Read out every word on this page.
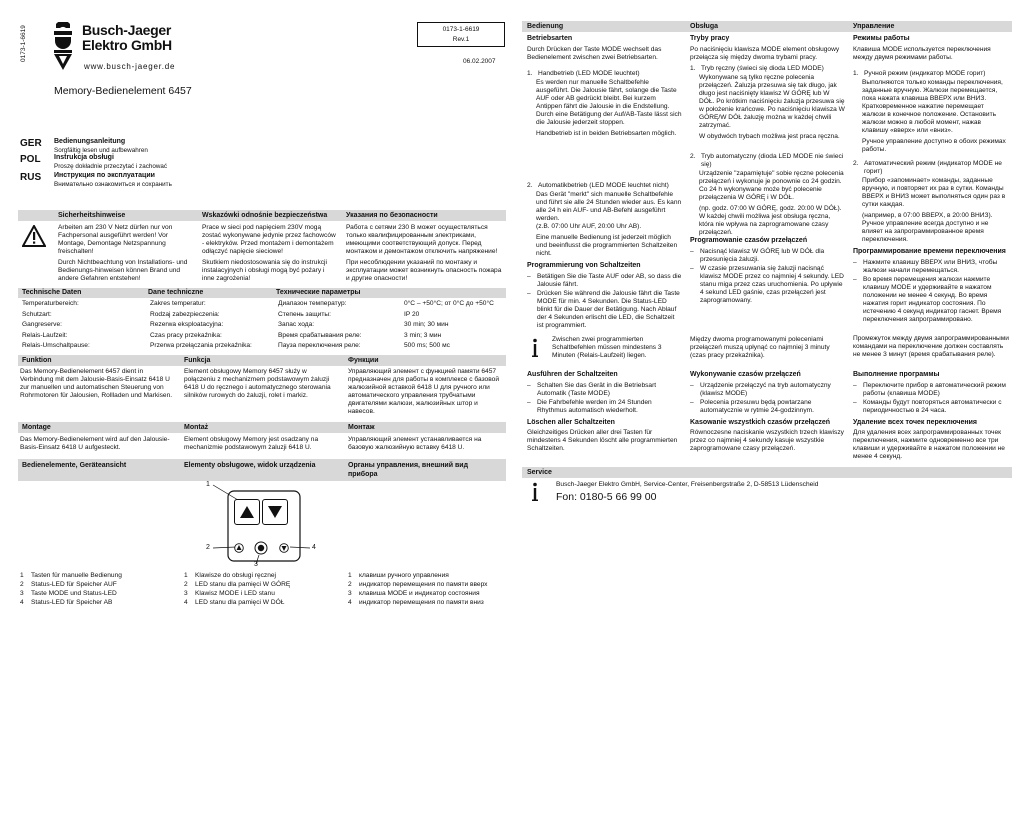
0173-1-6619	Busch-Jaeger
Elektro GmbH
www.busch-jaeger.de
0173-1-6619
Rev.1
06.02.2007
Memory-Bedienelement 6457
GER	Bedienungsanleitung
Sorgfältig lesen und aufbewahren
POL	Instrukcja obsługi
Proszę dokładnie przeczytać i zachować
RUS	Инструкция по эксплуатации
Внимательно ознакомиться и сохранить
Sicherheitshinweise	Wskazówki odnośnie bezpieczeństwa	Указания по безопасности
Arbeiten am 230 V Netz dürfen nur von Fachpersonal ausgeführt werden! Vor Montage, Demontage Netzspannung freischalten!
Durch Nichtbeachtung von Installations- und Bedienungs-hinweisen können Brand und andere Gefahren entstehen!
Prace w sieci pod napięciem 230V mogą zostać wykonywane jedynie przez fachowców - elektryków. Przed montażem i demontażem odłączyć napięcie sieciowe!
Skutkiem niedostosowania się do instrukcji instalacyjnych i obsługi mogą być pożary i inne zagrożenia!
Работа с сетями 230 В может осуществляться только квалифицированным электриками, имеющими соответствующий допуск. Перед монтажом и демонтажом отключить напряжение!
При несоблюдении указаний по монтажу и эксплуатации может возникнуть опасность пожара и другие опасности!
Technische Daten	Dane techniczne	Технические параметры
Temperaturbereich:	Zakres temperatur:	Диапазон температур:	0°C – +50°C; от 0°C до +50°C
Schutzart:	Rodzaj zabezpieczenia:	Степень защиты:	IP 20
Gangreserve:	Rezerwa eksploatacyjna:	Запас хода:	30 min; 30 мин
Relais-Laufzeit:	Czas pracy przekaźnika:	Время срабатывания реле:	3 min; 3 мин
Relais-Umschaltpause:	Przerwa przełączania przekaźnika:	Пауза переключения реле:	500 ms; 500 мс
Funktion	Funkcja	Функции
Das Memory-Bedienelement 6457 dient in Verbindung mit dem Jalousie-Basis-Einsatz 6418 U zur manuellen und automatischen Steuerung von Rohrmotoren für Jalousien, Rollladen und Markisen.
Element obsługowy Memory 6457 służy w połączeniu z mechanizmem podstawowym żaluzji 6418 U do ręcznego i automatycznego sterowania silników rurowych do żaluzji, rolet i markiz.
Управляющий элемент с функцией памяти 6457 предназначен для работы в комплексе с базовой жалюзийной вставкой 6418 U для ручного или автоматического управления трубчатыми двигателями жалюзи, жалюзийных штор и навесов.
Montage	Montaż	Монтаж
Das Memory-Bedienelement wird auf den Jalousie-Basis-Einsatz 6418 U aufgesteckt.
Element obsługowy Memory jest osadzany na mechanizmie podstawowym żaluzji 6418 U.
Управляющий элемент устанавливается на базовую жалюзийную вставку 6418 U.
Bedienelemente, Geräteansicht	Elementy obsługowe, widok urządzenia	Органы управления, внешний вид прибора
1
2
3
4
1	Tasten für manuelle Bedienung
2	Status-LED für Speicher AUF
3	Taste MODE und Status-LED
4	Status-LED für Speicher AB
1	Klawisze do obsługi ręcznej
2	LED stanu dla pamięci W GÓRĘ
3	Klawisz MODE i LED stanu
4	LED stanu dla pamięci W DÓŁ
1	клавиши ручного управления
2	индикатор перемещения по памяти вверх
3	клавиша MODE и индикатор состояния
4	индикатор перемещения по памяти вниз
Bedienung	Obsługa	Управление
Betriebsarten
Durch Drücken der Taste MODE wechselt das Bedienelement zwischen zwei Betriebsarten.
1. Handbetrieb (LED MODE leuchtet)
Es werden nur manuelle Schaltbefehle ausgeführt. Die Jalousie fährt, solange die Taste AUF oder AB gedrückt bleibt. Bei kurzem Antippen fährt die Jalousie in die Endstellung. Durch eine Betätigung der Auf/AB-Taste lässt sich die Jalousie jederzeit stoppen.
Handbetrieb ist in beiden Betriebsarten möglich.
2. Automatikbetrieb (LED MODE leuchtet nicht)
Das Gerät "merkt" sich manuelle Schaltbefehle und führt sie alle 24 Stunden wieder aus. Es kann alle 24 h ein AUF- und AB-Befehl ausgeführt werden.
(z.B. 07:00 Uhr AUF, 20:00 Uhr AB).
Eine manuelle Bedienung ist jederzeit möglich und beeinflusst die programmierten Schaltzeiten nicht.
Programmierung von Schaltzeiten
– Betätigen Sie die Taste AUF oder AB, so dass die Jalousie fährt.
– Drücken Sie während die Jalousie fährt die Taste MODE für min. 4 Sekunden. Die Status-LED blinkt für die Dauer der Betätigung. Nach Ablauf der 4 Sekunden erlischt die LED, die Schaltzeit ist programmiert.
Zwischen zwei programmierten Schaltbefehlen müssen mindestens 3 Minuten (Relais-Laufzeit) liegen.
Ausführen der Schaltzeiten
– Schalten Sie das Gerät in die Betriebsart Automatik (Taste MODE)
– Die Fahrbefehle werden im 24 Stunden Rhythmus automatisch wiederholt.
Löschen aller Schaltzeiten
Gleichzeitiges Drücken aller drei Tasten für mindestens 4 Sekunden löscht alle programmierten Schaltzeiten.
Tryby pracy
Po naciśnięciu klawisza MODE element obsługowy przełącza się między dwoma trybami pracy.
1. Tryb ręczny (świeci się dioda LED MODE)
Wykonywane są tylko ręczne polecenia przełączeń. Żaluzja przesuwa się tak długo, jak długo jest naciśnięty klawisz W GÓRĘ lub W DÓŁ. Po krótkim naciśnięciu żaluzja przesuwa się w położenie krańcowe. Po naciśnięciu klawisza W GÓRĘ/W DÓŁ żaluzję można w każdej chwili zatrzymać.
W obydwóch trybach możliwa jest praca ręczna.
2. Tryb automatyczny (dioda LED MODE nie świeci się)
Urządzenie "zapamiętuje" sobie ręczne polecenia przełączeń i wykonuje je ponownie co 24 godzin. Co 24 h wykonywane może być polecenie przełączenia W GÓRĘ i W DÓŁ.
(np. godz. 07:00 W GÓRĘ, godz. 20:00 W DÓŁ).
W każdej chwili możliwa jest obsługa ręczna, która nie wpływa na zaprogramowane czasy przełączeń.
Programowanie czasów przełączeń
– Nacisnąć klawisz W GÓRĘ lub W DÓŁ dla przesunięcia żaluzji.
– W czasie przesuwania się żaluzji nacisnąć klawisz MODE przez co najmniej 4 sekundy. LED stanu miga przez czas uruchomienia. Po upływie 4 sekund LED gaśnie, czas przełączeń jest zaprogramowany.
Między dwoma programowanymi poleceniami przełączeń muszą upłynąć co najmniej 3 minuty (czas pracy przekaźnika).
Wykonywanie czasów przełączeń
– Urządzenie przełączyć na tryb automatyczny (klawisz MODE)
– Polecenia przesuwu będą powtarzane automatycznie w rytmie 24-godzinnym.
Kasowanie wszystkich czasów przełączeń
Równoczesne naciskanie wszystkich trzech klawiszy przez co najmniej 4 sekundy kasuje wszystkie zaprogramowane czasy przełączeń.
Режимы работы
Клавиша MODE используется переключения между двумя режимами работы.
1. Ручной режим (индикатор MODE горит)
Выполняются только команды переключения, заданные вручную. Жалюзи перемещается, пока нажата клавиша ВВЕРХ или ВНИЗ. Кратковременное нажатие перемещает жалюзи в конечное положение. Остановить жалюзи можно в любой момент, нажав клавишу «вверх» или «вниз».
Ручное управление доступно в обоих режимах работы.
2. Автоматический режим (индикатор MODE не горит)
Прибор «запоминает» команды, заданные вручную, и повторяет их раз в сутки. Команды ВВЕРХ и ВНИЗ может выполняться один раз в сутки каждая.
(например, в 07:00 ВВЕРХ, в 20:00 ВНИЗ).
Ручное управление всегда доступно и не влияет на запрограммированное время переключения.
Программирование времени переключения
– Нажмите клавишу ВВЕРХ или ВНИЗ, чтобы жалюзи начали перемещаться.
– Во время перемещения жалюзи нажмите клавишу MODE и удерживайте в нажатом положении не менее 4 секунд. Во время нажатия горит индикатор состояния. По истечению 4 секунд индикатор гаснет. Время переключения запрограммировано.
Промежуток между двумя запрограммированными командами на переключение должен составлять не менее 3 минут (время срабатывания реле).
Выполнение программы
– Переключите прибор в автоматический режим работы (клавиша MODE)
– Команды будут повторяться автоматически с периодичностью в 24 часа.
Удаление всех точек переключения
Для удаления всех запрограммированных точек переключения, нажмите одновременно все три клавиши и удерживайте в нажатом положении не менее 4 секунд.
Service
Busch-Jaeger Elektro GmbH, Service-Center, Freisenbergstraße 2, D-58513 Lüdenscheid
Fon: 0180-5 66 99 00
